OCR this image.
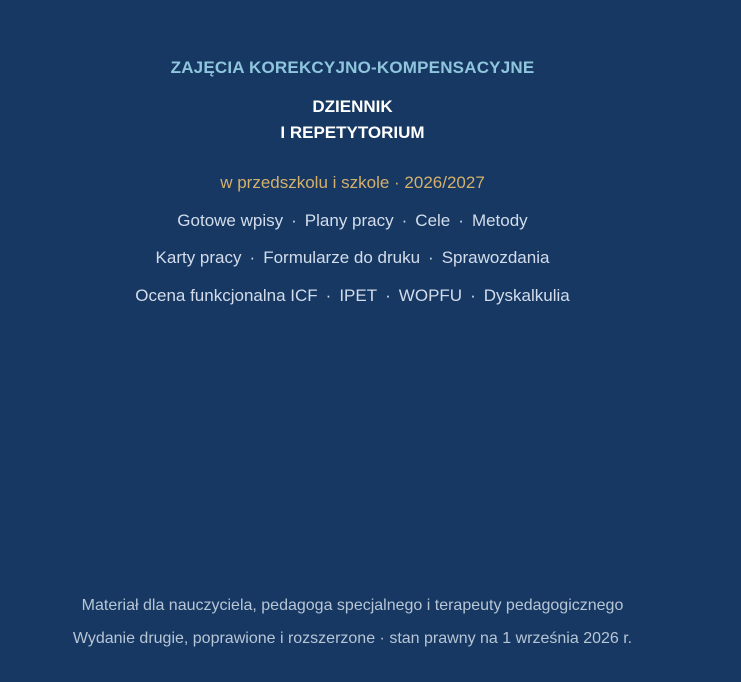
ZAJĘCIA KOREKCYJNO-KOMPENSACYJNE
DZIENNIK
I REPETYTORIUM
w przedszkolu i szkole · 2026/2027
Gotowe wpisy · Plany pracy · Cele · Metody
Karty pracy · Formularze do druku · Sprawozdania
Ocena funkcjonalna ICF · IPET · WOPFU · Dyskalkulia
Materiał dla nauczyciela, pedagoga specjalnego i terapeuty pedagogicznego
Wydanie drugie, poprawione i rozszerzone · stan prawny na 1 września 2026 r.
